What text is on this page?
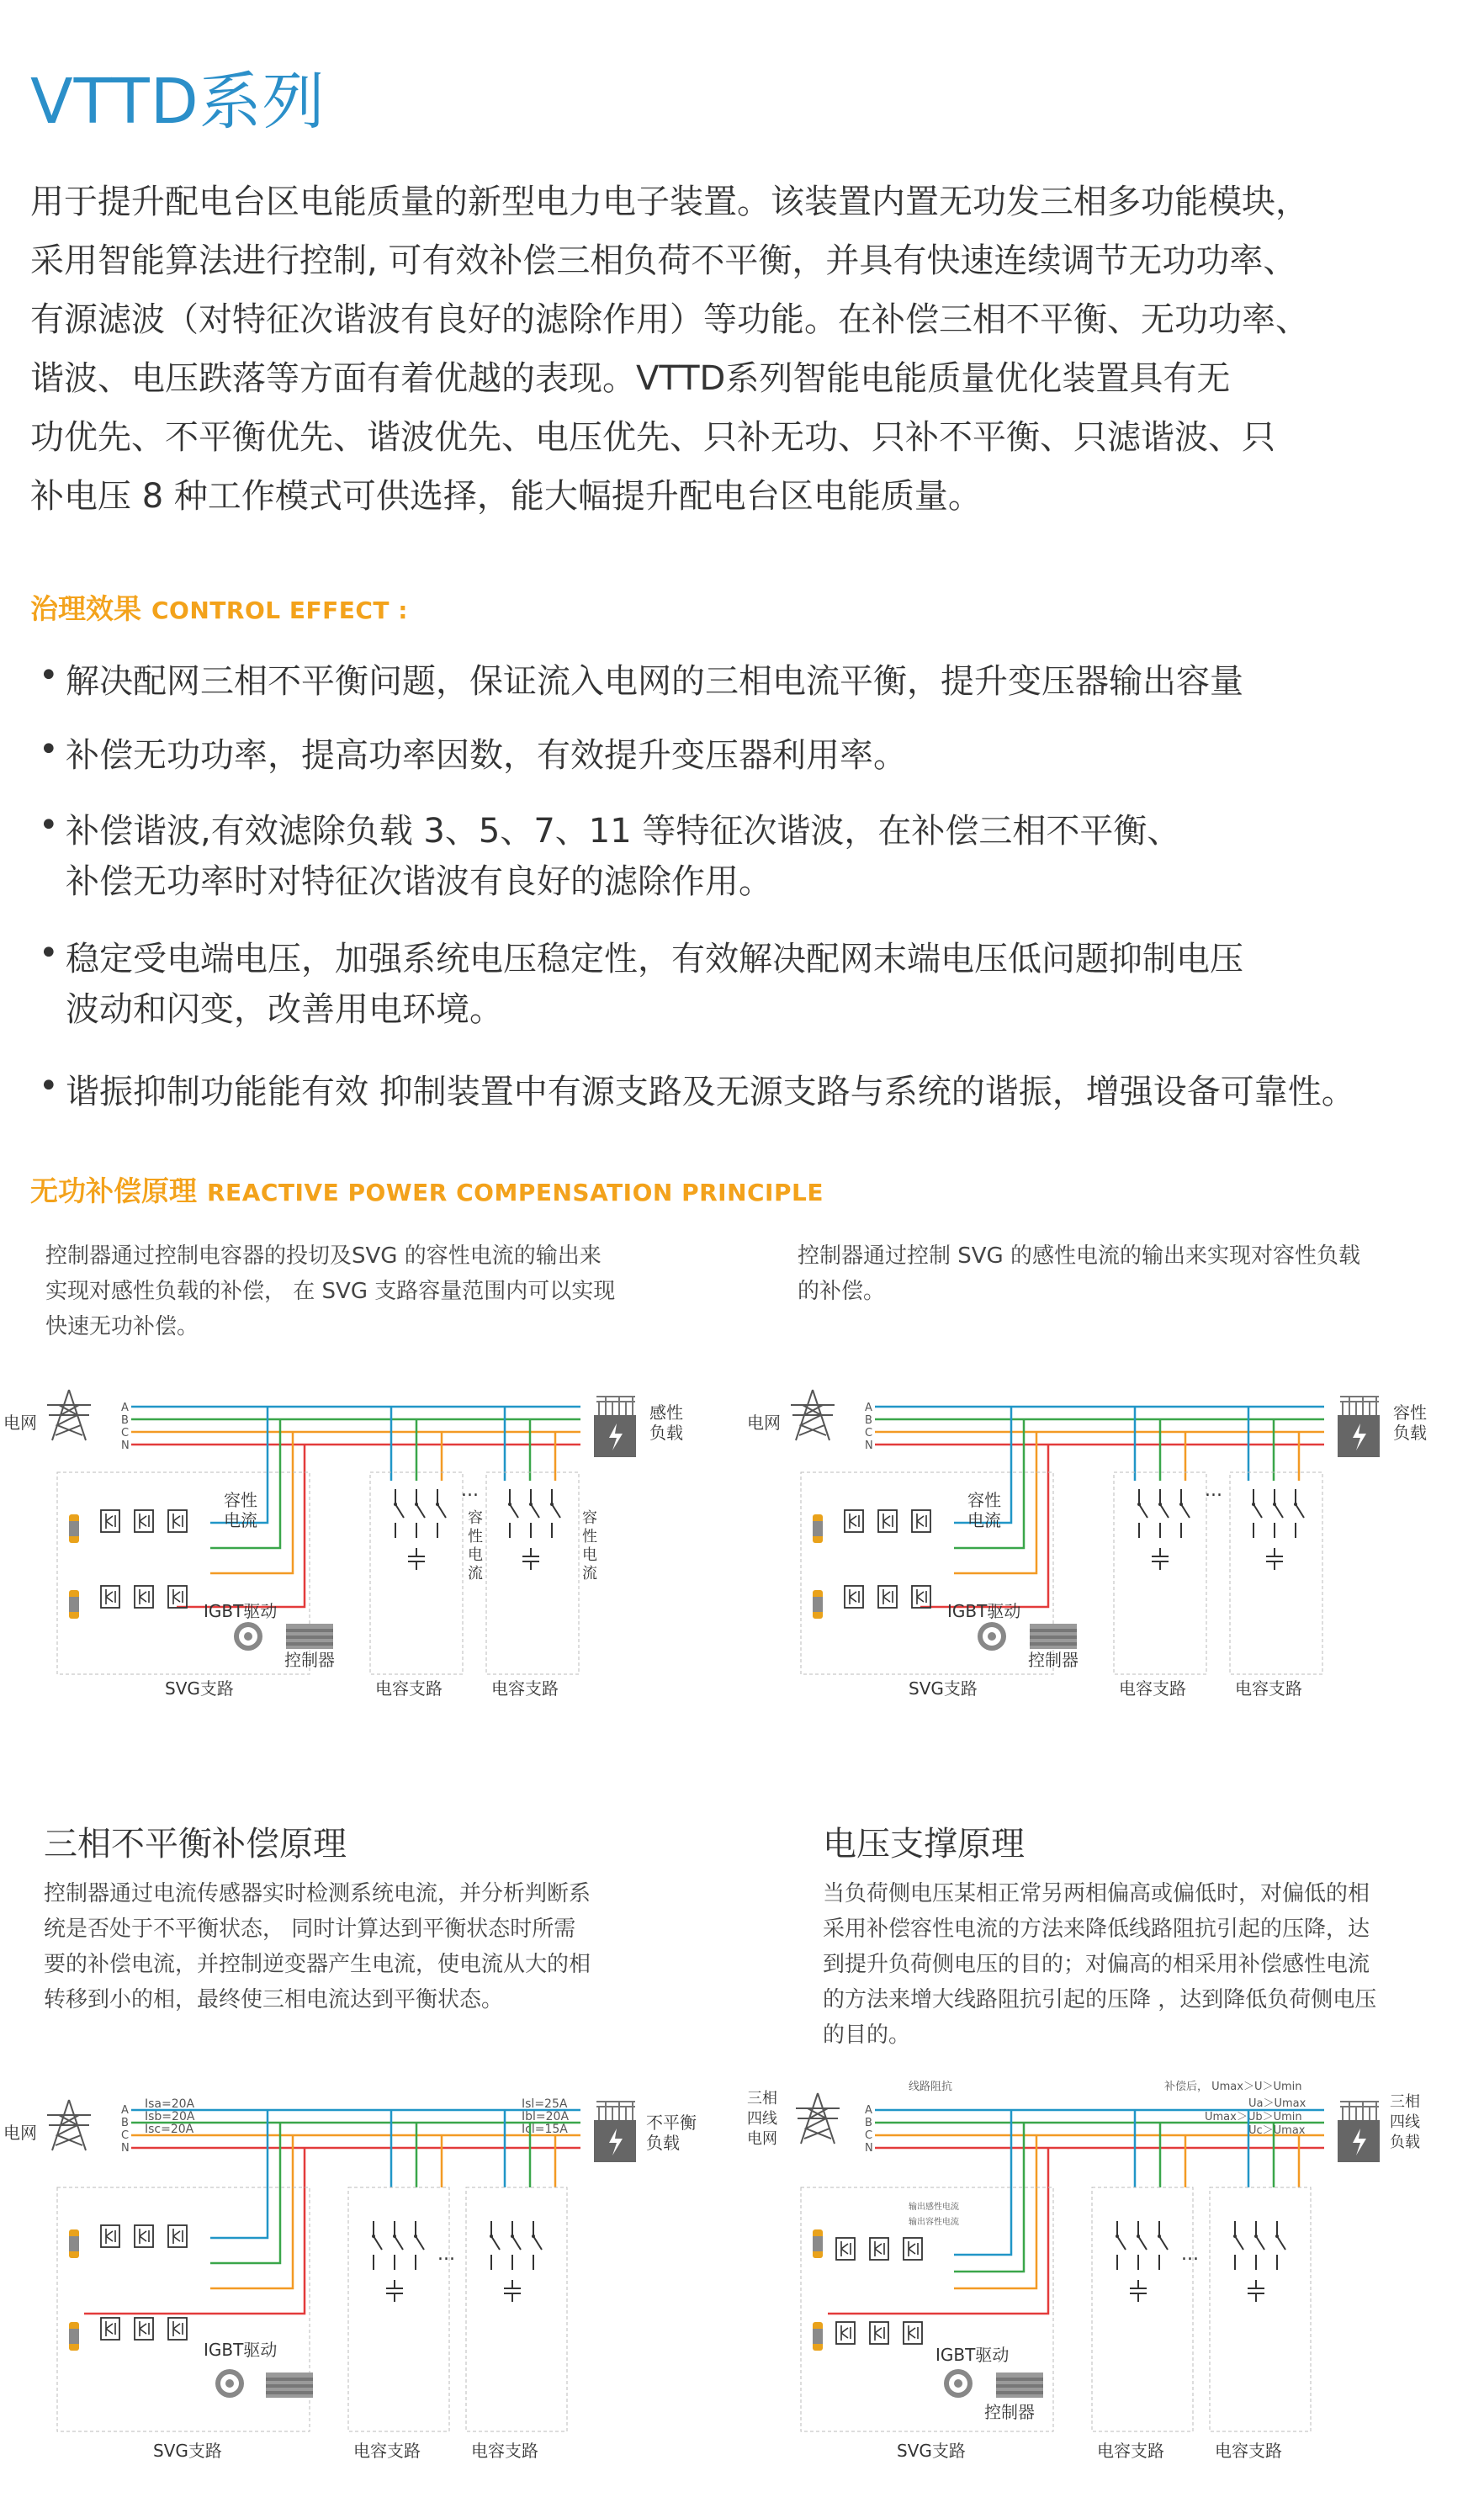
VTTD系列

用于提升配电台区电能质量的新型电力电子装置。该装置内置无功发三相多功能模块，

采用智能算法进行控制, 可有效补偿三相负荷不平衡，并具有快速连续调节无功功率、

有源滤波（对特征次谐波有良好的滤除作用）等功能。在补偿三相不平衡、无功功率、

谐波、电压跌落等方面有着优越的表现。VTTD系列智能电能质量优化装置具有无

功优先、不平衡优先、谐波优先、电压优先、只补无功、只补不平衡、只滤谐波、只

补电压 8 种工作模式可供选择，能大幅提升配电台区电能质量。

治理效果 CONTROL EFFECT :
• 解决配网三相不平衡问题，保证流入电网的三相电流平衡，提升变压器输出容量
• 补偿无功功率，提高功率因数，有效提升变压器利用率。
• 补偿谐波,有效滤除负载 3、5、7、11 等特征次谐波，在补偿三相不平衡、
补偿无功率时对特征次谐波有良好的滤除作用。
• 稳定受电端电压，加强系统电压稳定性，有效解决配网末端电压低问题抑制电压
波动和闪变，改善用电环境。
• 谐振抑制功能能有效 抑制装置中有源支路及无源支路与系统的谐振，增强设备可靠性。
无功补偿原理 REACTIVE POWER COMPENSATION PRINCIPLE
控制器通过控制电容器的投切及SVG 的容性电流的输出来
实现对感性负载的补偿， 在 SVG 支路容量范围内可以实现
快速无功补偿。
控制器通过控制 SVG 的感性电流的输出来实现对容性负载
的补偿。
三相不平衡补偿原理
控制器通过电流传感器实时检测系统电流，并分析判断系
统是否处于不平衡状态， 同时计算达到平衡状态时所需
要的补偿电流，并控制逆变器产生电流，使电流从大的相
转移到小的相，最终使三相电流达到平衡状态。
电压支撑原理
当负荷侧电压某相正常另两相偏高或偏低时，对偏低的相
采用补偿容性电流的方法来降低线路阻抗引起的压降，达
到提升负荷侧电压的目的；对偏高的相采用补偿感性电流
的方法来增大线路阻抗引起的压降 ，达到降低负荷侧电压
的目的。
电网
A
B
C
N
感性
负载
容性
电流
IGBT驱动
控制器
SVG支路
...
容
性
电
流
容
性
电
流
电容支路	电容支路
电网
A
B
C
N
容性
负载
容性
电流
IGBT驱动
控制器
SVG支路
...
电容支路	电容支路
电网
A
B
C
N
Isa=20A
Isb=20A
Isc=20A
Isl=25A
Ibl=20A
Icl=15A	不平衡
负载
IGBT驱动
SVG支路
...
电容支路	电容支路
三相
四线
电网
A
B
C
N
线路阻抗	补偿后， Umax＞U＞Umin
Ua＞Umax
Umax＞Ub＞Umin
Uc＞Umax
三相
四线
负载
输出感性电流
输出容性电流
IGBT驱动
控制器
SVG支路
...
电容支路	电容支路
